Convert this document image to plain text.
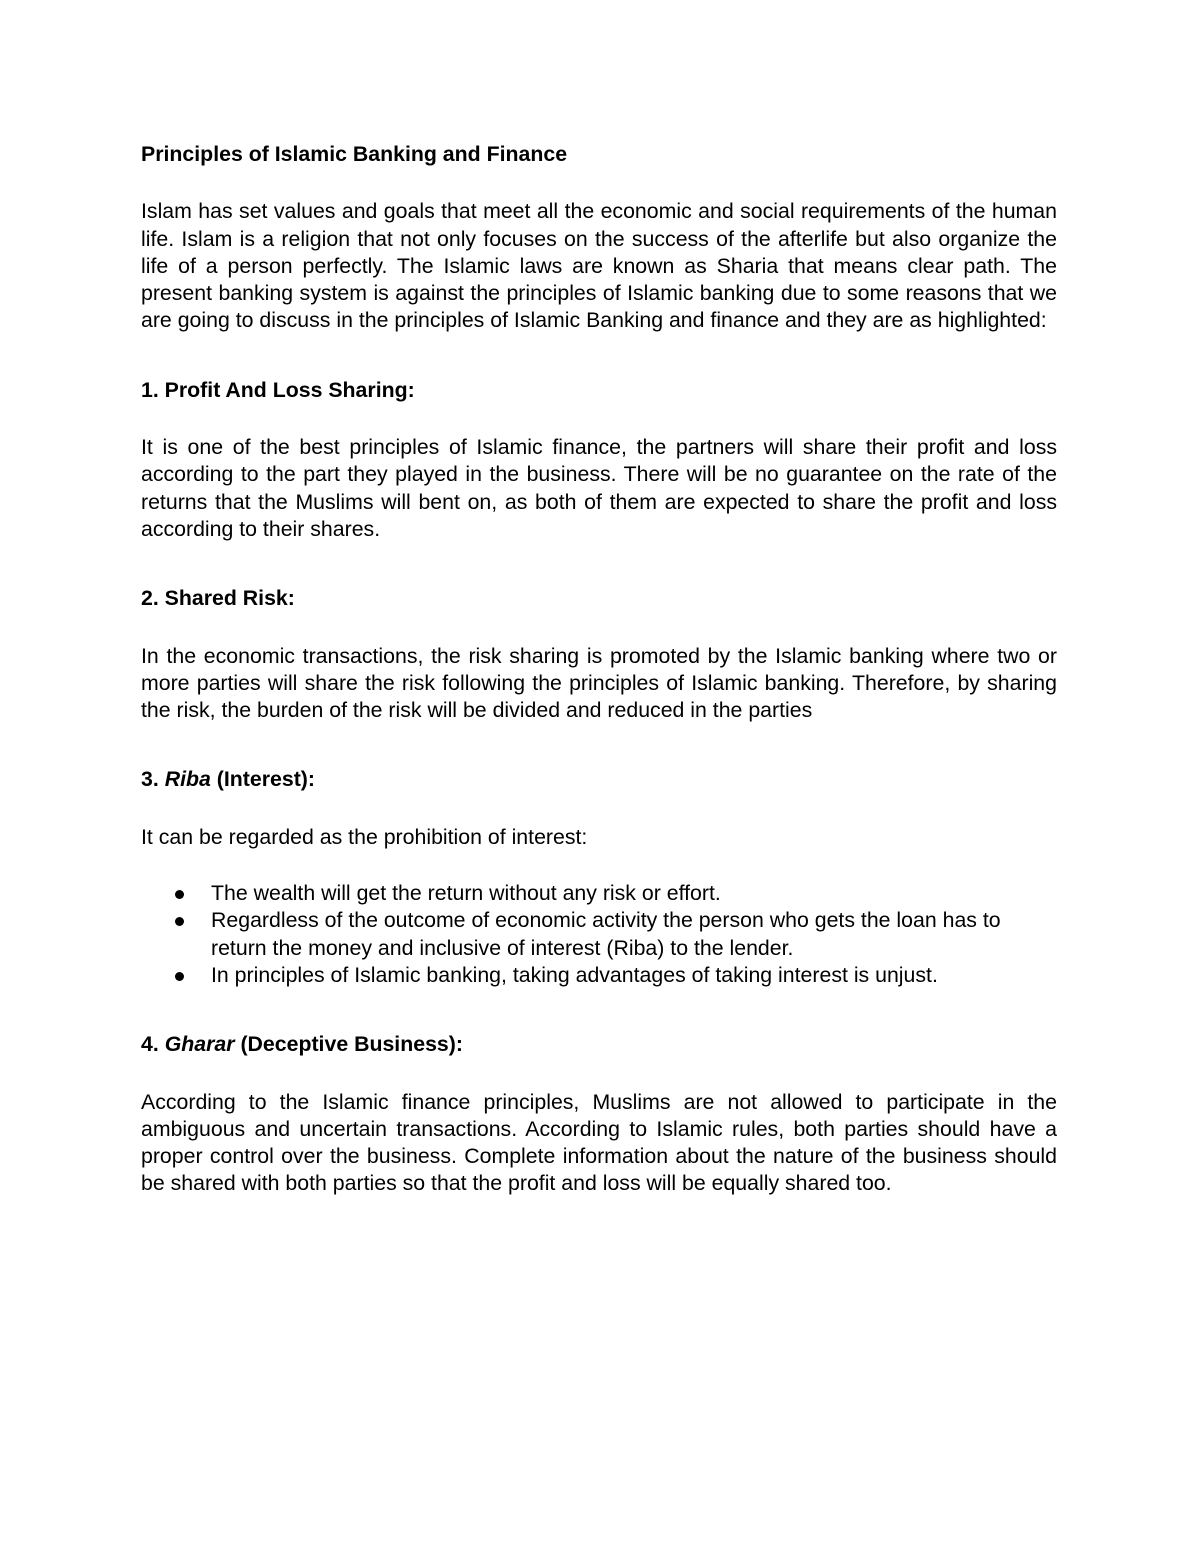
Principles of Islamic Banking and Finance

Islam has set values and goals that meet all the economic and social requirements of the human life. Islam is a religion that not only focuses on the success of the afterlife but also organize the life of a person perfectly. The Islamic laws are known as Sharia that means clear path. The present banking system is against the principles of Islamic banking due to some reasons that we are going to discuss in the principles of Islamic Banking and finance and they are as highlighted:

1. Profit And Loss Sharing:

It is one of the best principles of Islamic finance, the partners will share their profit and loss according to the part they played in the business. There will be no guarantee on the rate of the returns that the Muslims will bent on, as both of them are expected to share the profit and loss according to their shares.

2. Shared Risk:

In the economic transactions, the risk sharing is promoted by the Islamic banking where two or more parties will share the risk following the principles of Islamic banking. Therefore, by sharing the risk, the burden of the risk will be divided and reduced in the parties

3. Riba (Interest):

It can be regarded as the prohibition of interest:

The wealth will get the return without any risk or effort.
Regardless of the outcome of economic activity the person who gets the loan has to return the money and inclusive of interest (Riba) to the lender.
In principles of Islamic banking, taking advantages of taking interest is unjust.

4. Gharar (Deceptive Business):

According to the Islamic finance principles, Muslims are not allowed to participate in the ambiguous and uncertain transactions. According to Islamic rules, both parties should have a proper control over the business. Complete information about the nature of the business should be shared with both parties so that the profit and loss will be equally shared too.
